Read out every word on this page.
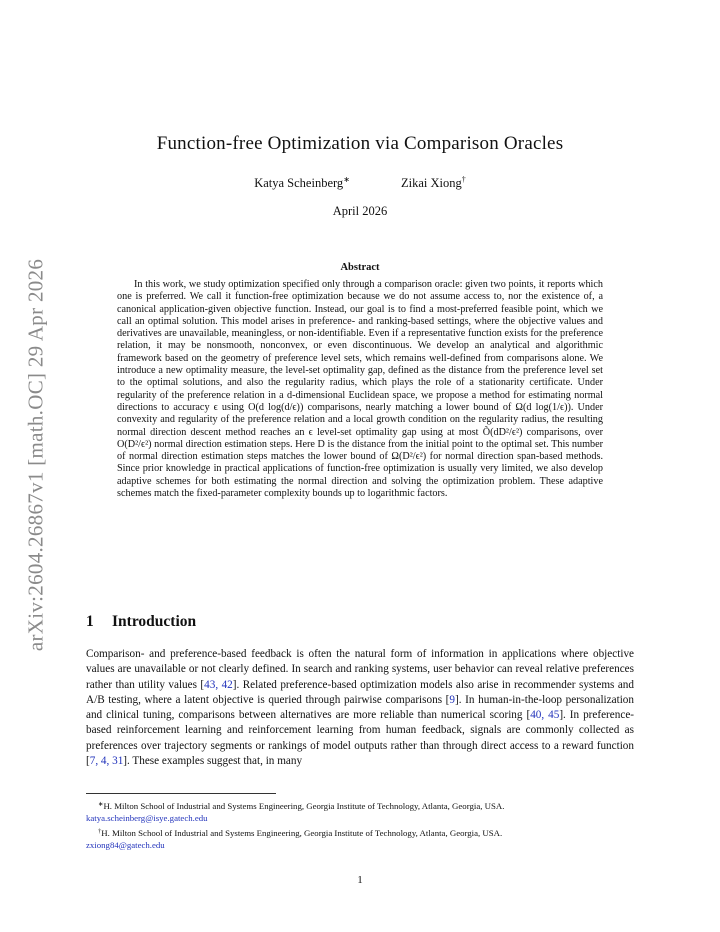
arXiv:2604.26867v1 [math.OC] 29 Apr 2026
Function-free Optimization via Comparison Oracles
Katya Scheinberg∗	Zikai Xiong†
April 2026
Abstract

In this work, we study optimization specified only through a comparison oracle: given two points, it reports which one is preferred. We call it function-free optimization because we do not assume access to, nor the existence of, a canonical application-given objective function. Instead, our goal is to find a most-preferred feasible point, which we call an optimal solution. This model arises in preference- and ranking-based settings, where the objective values and derivatives are unavailable, meaningless, or non-identifiable. Even if a representative function exists for the preference relation, it may be nonsmooth, nonconvex, or even discontinuous. We develop an analytical and algorithmic framework based on the geometry of preference level sets, which remains well-defined from comparisons alone. We introduce a new optimality measure, the level-set optimality gap, defined as the distance from the preference level set to the optimal solutions, and also the regularity radius, which plays the role of a stationarity certificate. Under regularity of the preference relation in a d-dimensional Euclidean space, we propose a method for estimating normal directions to accuracy ϵ using O(d log(d/ϵ)) comparisons, nearly matching a lower bound of Ω(d log(1/ϵ)). Under convexity and regularity of the preference relation and a local growth condition on the regularity radius, the resulting normal direction descent method reaches an ϵ level-set optimality gap using at most Õ(dD²/ϵ²) comparisons, over O(D²/ϵ²) normal direction estimation steps. Here D is the distance from the initial point to the optimal set. This number of normal direction estimation steps matches the lower bound of Ω(D²/ϵ²) for normal direction span-based methods. Since prior knowledge in practical applications of function-free optimization is usually very limited, we also develop adaptive schemes for both estimating the normal direction and solving the optimization problem. These adaptive schemes match the fixed-parameter complexity bounds up to logarithmic factors.

1 Introduction

Comparison- and preference-based feedback is often the natural form of information in applications where objective values are unavailable or not clearly defined. In search and ranking systems, user behavior can reveal relative preferences rather than utility values [43, 42]. Related preference-based optimization models also arise in recommender systems and A/B testing, where a latent objective is queried through pairwise comparisons [9]. In human-in-the-loop personalization and clinical tuning, comparisons between alternatives are more reliable than numerical scoring [40, 45]. In preference-based reinforcement learning and reinforcement learning from human feedback, signals are commonly collected as preferences over trajectory segments or rankings of model outputs rather than through direct access to a reward function [7, 4, 31]. These examples suggest that, in many

∗H. Milton School of Industrial and Systems Engineering, Georgia Institute of Technology, Atlanta, Georgia, USA.
katya.scheinberg@isye.gatech.edu
†H. Milton School of Industrial and Systems Engineering, Georgia Institute of Technology, Atlanta, Georgia, USA.
zxiong84@gatech.edu
1
